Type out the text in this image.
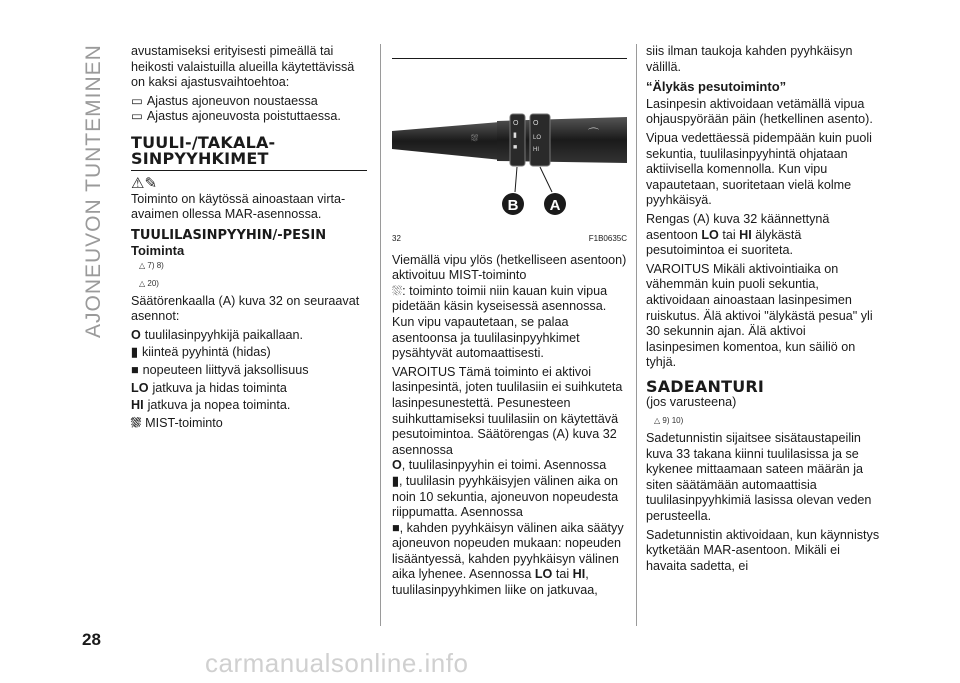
AJONEUVON TUNTEMINEN avustamiseksi erityisesti pimeällä tai heikosti valaistuilla alueilla käytettävissä on kaksi ajastusvaihtoehtoa:

▭ Ajastus ajoneuvon noustaessa
▭ Ajastus ajoneuvosta poistuttaessa.
TUULI-/TAKALA-SINPYYHKIMET
⚠✎

Toiminto on käytössä ainoastaan virta-avaimen ollessa MAR-asennossa.

TUULILASINPYYHIN/-PESIN
Toiminta
△ 7) 8)
△ 20)

Säätörenkaalla (A) kuva 32 on seuraavat asennot:

O tuulilasinpyyhkijä paikallaan.
▮ kiinteä pyyhintä (hidas)
■ nopeuteen liittyvä jaksollisuus
LO jatkuva ja hidas toiminta
HI jatkuva ja nopea toiminta.
⛆ MIST-toiminto
⛆
O
▮
■
O
LO
HI
⌒
B A
32	F1B0635C

Viemällä vipu ylös (hetkelliseen asentoon) aktivoituu MIST-toiminto
⛆: toiminto toimii niin kauan kuin vipua pidetään käsin kyseisessä asennossa. Kun vipu vapautetaan, se palaa asentoonsa ja tuulilasinpyyhkimet pysähtyvät automaattisesti.

VAROITUS Tämä toiminto ei aktivoi lasinpesintä, joten tuulilasiin ei suihkuteta lasinpesunestettä. Pesunesteen suihkuttamiseksi tuulilasiin on käytettävä pesutoimintoa. Säätörengas (A) kuva 32 asennossa
O, tuulilasinpyyhin ei toimi. Asennossa
▮, tuulilasin pyyhkäisyjen välinen aika on noin 10 sekuntia, ajoneuvon nopeudesta riippumatta. Asennossa
■, kahden pyyhkäisyn välinen aika säätyy ajoneuvon nopeuden mukaan: nopeuden lisääntyessä, kahden pyyhkäisyn välinen aika lyhenee. Asennossa LO tai HI, tuulilasinpyyhkimen liike on jatkuvaa,

siis ilman taukoja kahden pyyhkäisyn välillä.

“Älykäs pesutoiminto”

Lasinpesin aktivoidaan vetämällä vipua ohjauspyörään päin (hetkellinen asento).

Vipua vedettäessä pidempään kuin puoli sekuntia, tuulilasinpyyhintä ohjataan aktiivisella komennolla. Kun vipu vapautetaan, suoritetaan vielä kolme pyyhkäisyä.

Rengas (A) kuva 32 käännettynä asentoon LO tai HI älykästä pesutoimintoa ei suoriteta.

VAROITUS Mikäli aktivointiaika on vähemmän kuin puoli sekuntia, aktivoidaan ainoastaan lasinpesimen ruiskutus. Älä aktivoi "älykästä pesua" yli 30 sekunnin ajan. Älä aktivoi lasinpesimen komentoa, kun säiliö on tyhjä.

SADEANTURI

(jos varusteena)

△ 9) 10)

Sadetunnistin sijaitsee sisätaustapeilin kuva 33 takana kiinni tuulilasissa ja se kykenee mittaamaan sateen määrän ja siten säätämään automaattisia tuulilasinpyyhkimiä lasissa olevan veden perusteella.

Sadetunnistin aktivoidaan, kun käynnistys kytketään MAR-asentoon. Mikäli ei havaita sadetta, ei

28
carmanualsonline.info
